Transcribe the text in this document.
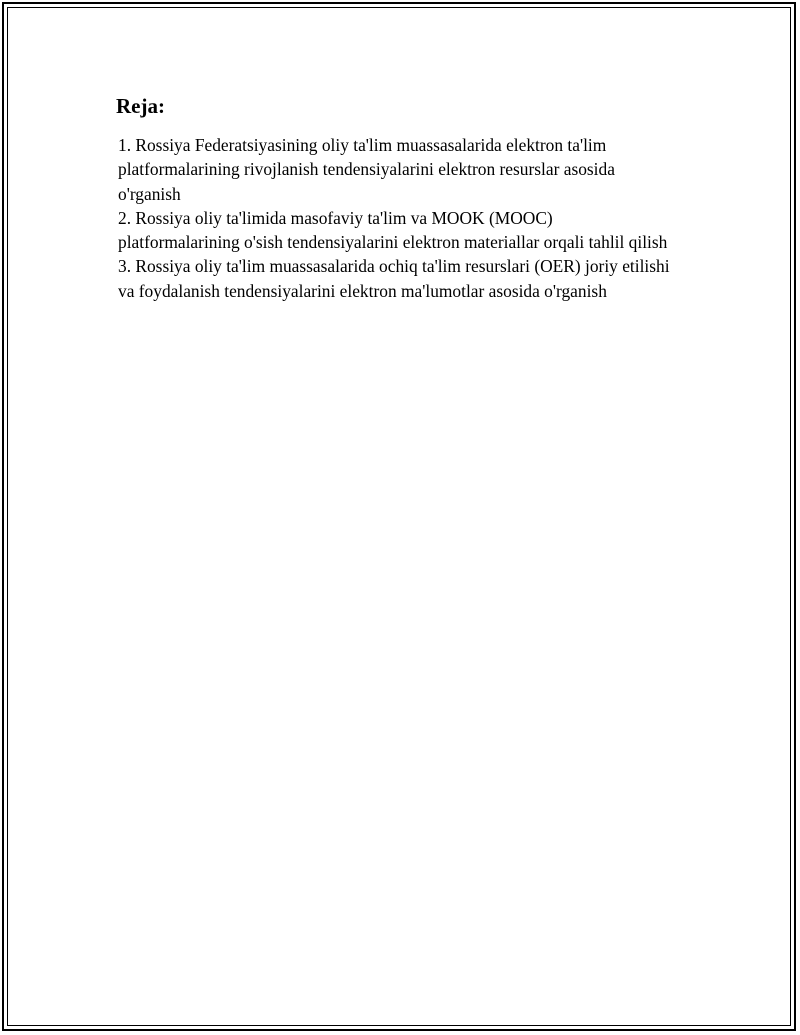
Reja:
1. Rossiya Federatsiyasining oliy ta'lim muassasalarida elektron ta'lim platformalarining rivojlanish tendensiyalarini elektron resurslar asosida o'rganish
2. Rossiya oliy ta'limida masofaviy ta'lim va MOOK (MOOC) platformalarining o'sish tendensiyalarini elektron materiallar orqali tahlil qilish
3. Rossiya oliy ta'lim muassasalarida ochiq ta'lim resurslari (OER) joriy etilishi va foydalanish tendensiyalarini elektron ma'lumotlar asosida o'rganish
